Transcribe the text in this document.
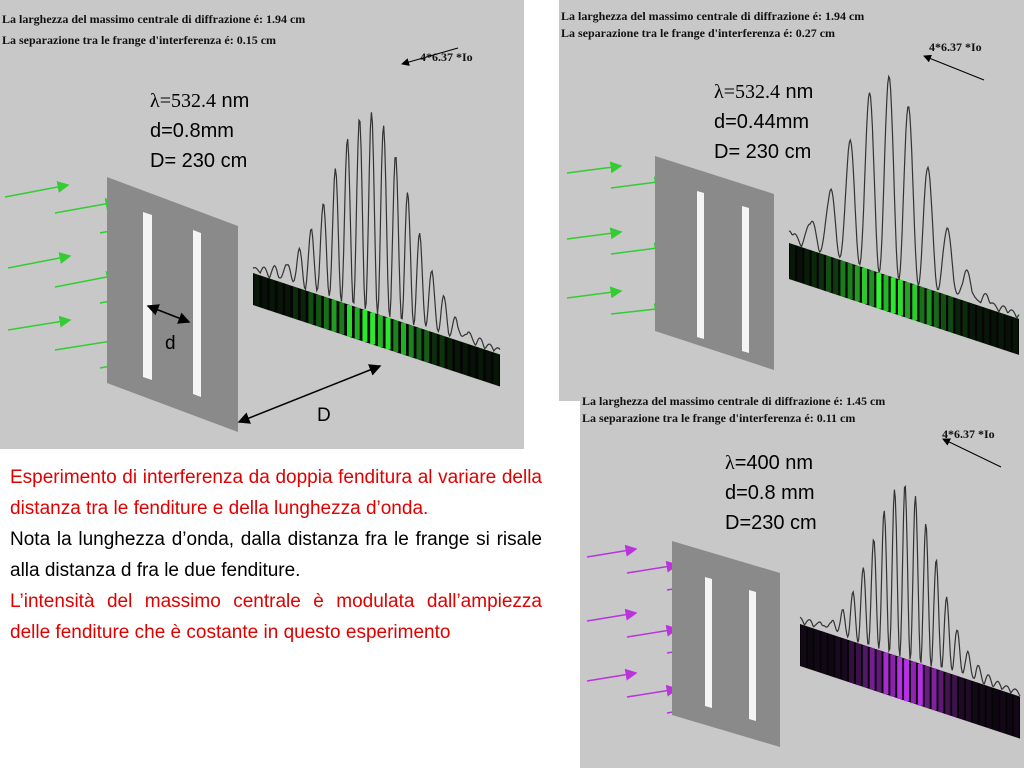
La larghezza del massimo centrale di diffrazione é: 1.94 cm
La separazione tra le frange d'interferenza é: 0.15 cm
4*6.37 *Io
λ=532.4 nm
d=0.8mm
D= 230 cm
d
D
La larghezza del massimo centrale di diffrazione é: 1.94 cm
La separazione tra le frange d'interferenza é: 0.27 cm
4*6.37 *Io
λ=532.4 nm
d=0.44mm
D= 230 cm
La larghezza del massimo centrale di diffrazione é: 1.45 cm
La separazione tra le frange d'interferenza é: 0.11 cm
4*6.37 *Io
λ=400 nm
d=0.8 mm
D=230 cm

Esperimento di interferenza da doppia fenditura al variare della distanza tra le fenditure e della lunghezza d’onda.

Nota la lunghezza d’onda, dalla distanza fra le frange si risale alla distanza d fra le due fenditure.

L’intensità del massimo centrale è modulata dall’ampiezza delle fenditure che è costante in questo esperimento
